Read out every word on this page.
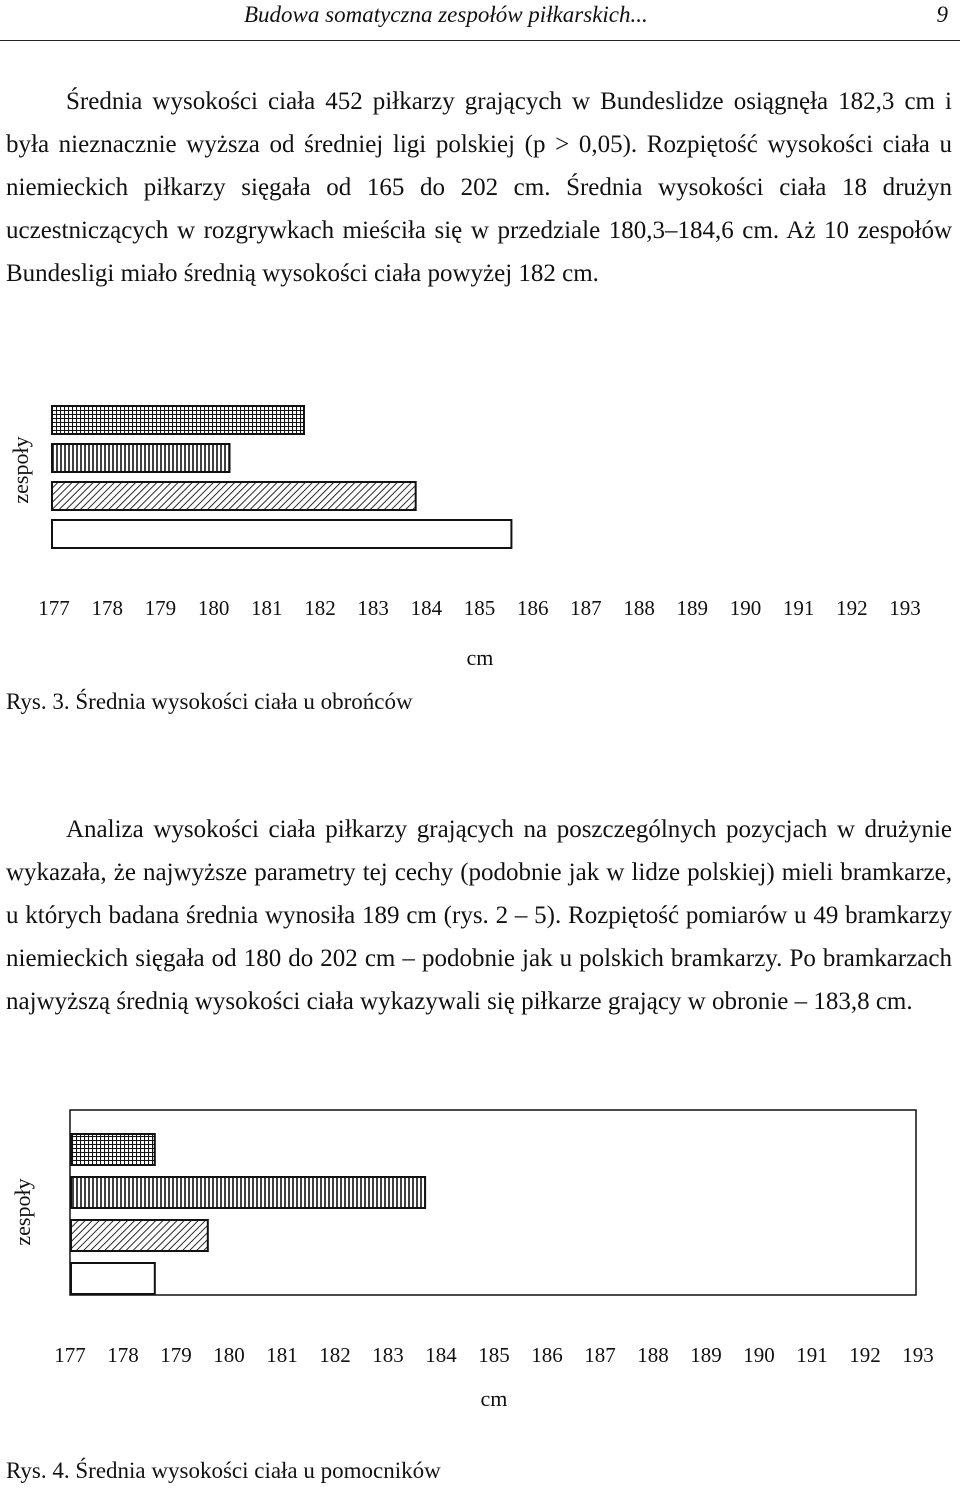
Budowa somatyczna zespołów piłkarskich...	9

Średnia wysokości ciała 452 piłkarzy grających w Bundeslidze osiągnęła 182,3 cm i była nieznacznie wyższa od średniej ligi polskiej (p > 0,05). Rozpiętość wysokości ciała u niemieckich piłkarzy sięgała od 165 do 202 cm. Średnia wysokości ciała 18 drużyn uczestniczących w rozgrywkach mieściła się w przedziale 180,3–184,6 cm. Aż 10 zespołów Bundesligi miało średnią wysokości ciała powyżej 182 cm.

177 178 179 180 181 182 183 184 185 186 187 188 189 190 191 192 193
cm
zespoły
Rys. 3. Średnia wysokości ciała u obrońców

Analiza wysokości ciała piłkarzy grających na poszczególnych pozycjach w drużynie wykazała, że najwyższe parametry tej cechy (podobnie jak w lidze polskiej) mieli bramkarze, u których badana średnia wynosiła 189 cm (rys. 2 – 5). Rozpiętość pomiarów u 49 bramkarzy niemieckich sięgała od 180 do 202 cm – podobnie jak u polskich bramkarzy. Po bramkarzach najwyższą średnią wysokości ciała wykazywali się piłkarze grający w obronie – 183,8 cm.

177 178 179 180 181 182 183 184 185 186 187 188 189 190 191 192 193
cm
zespoły
Rys. 4. Średnia wysokości ciała u pomocników
